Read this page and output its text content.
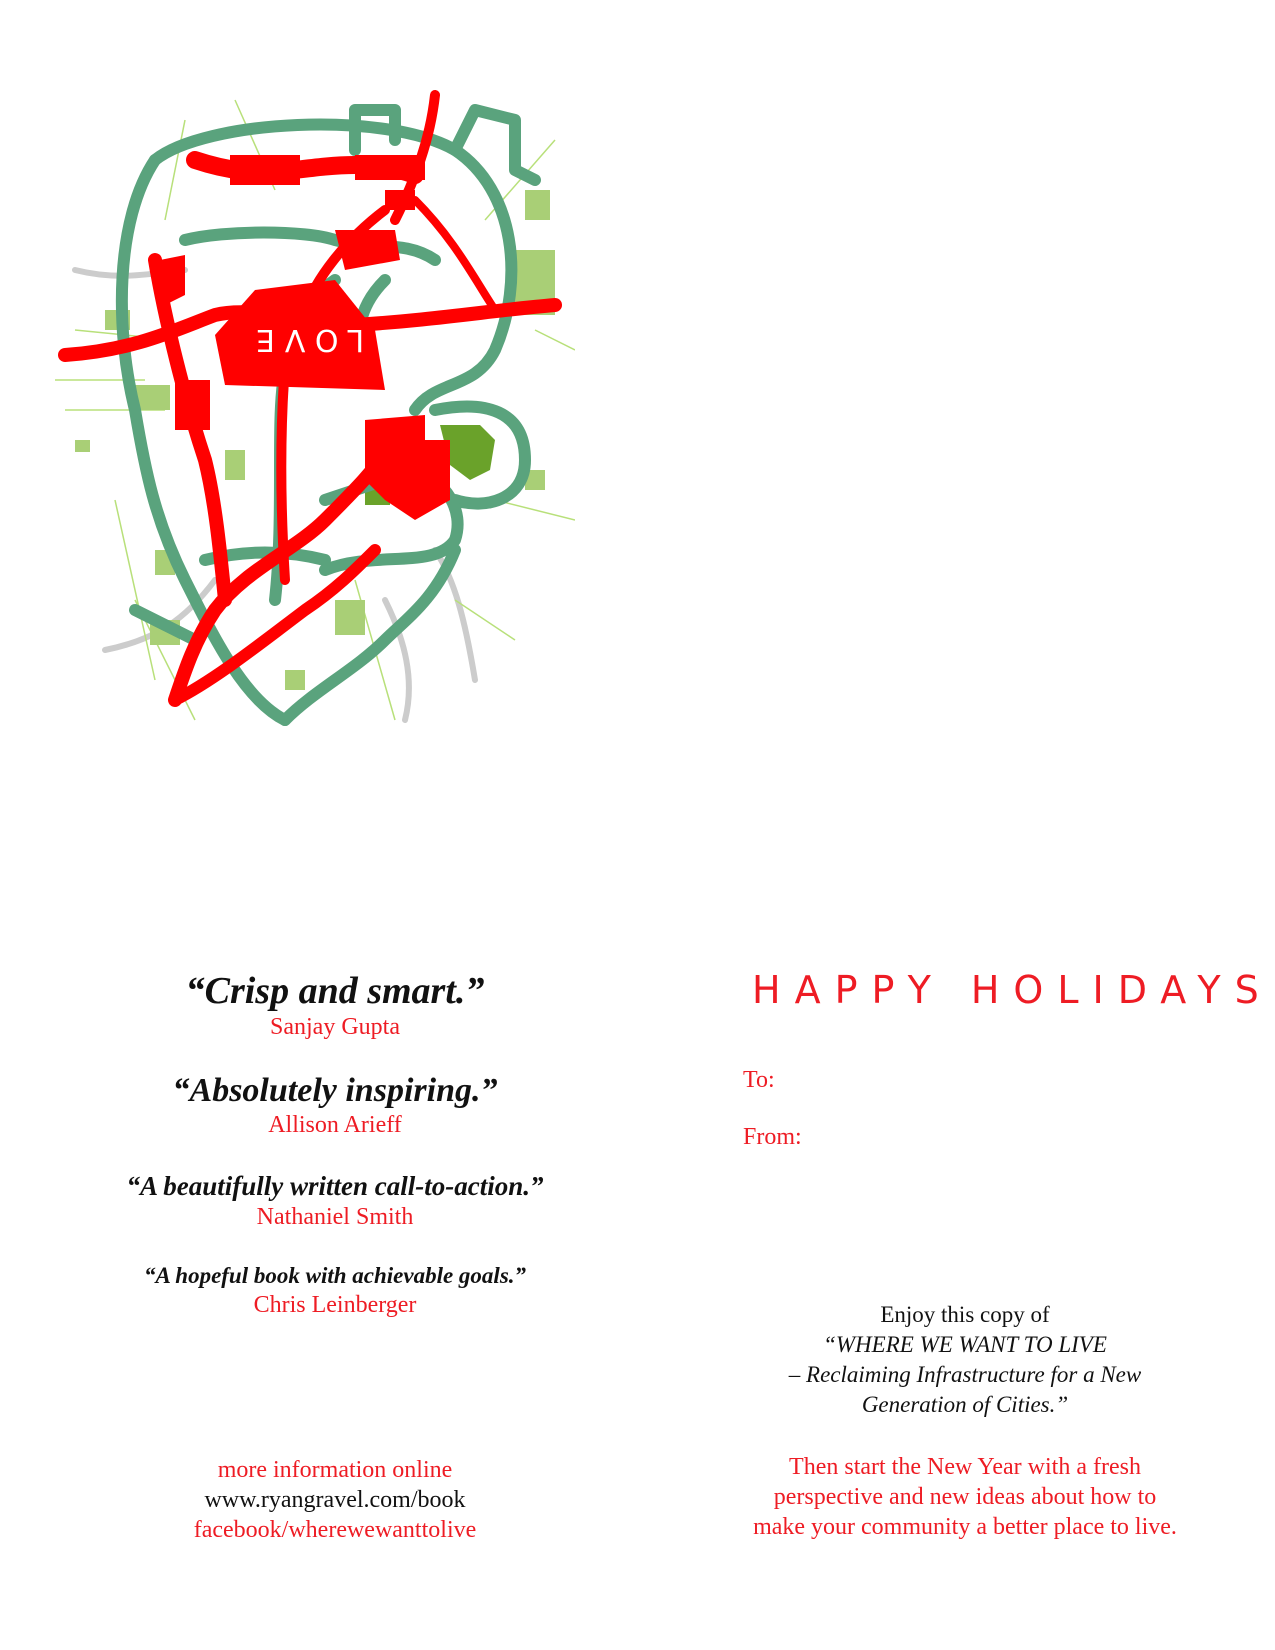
LOVE

“Crisp and smart.”

Sanjay Gupta

“Absolutely inspiring.”

Allison Arieff

“A beautifully written call-to-action.”

Nathaniel Smith

“A hopeful book with achievable goals.”

Chris Leinberger

more information online
www.ryangravel.com/book
facebook/wherewewanttolive
HAPPY HOLIDAYS
To:
From:
Enjoy this copy of
“WHERE WE WANT TO LIVE
– Reclaiming Infrastructure for a New
Generation of Cities.”
Then start the New Year with a fresh
perspective and new ideas about how to
make your community a better place to live.
